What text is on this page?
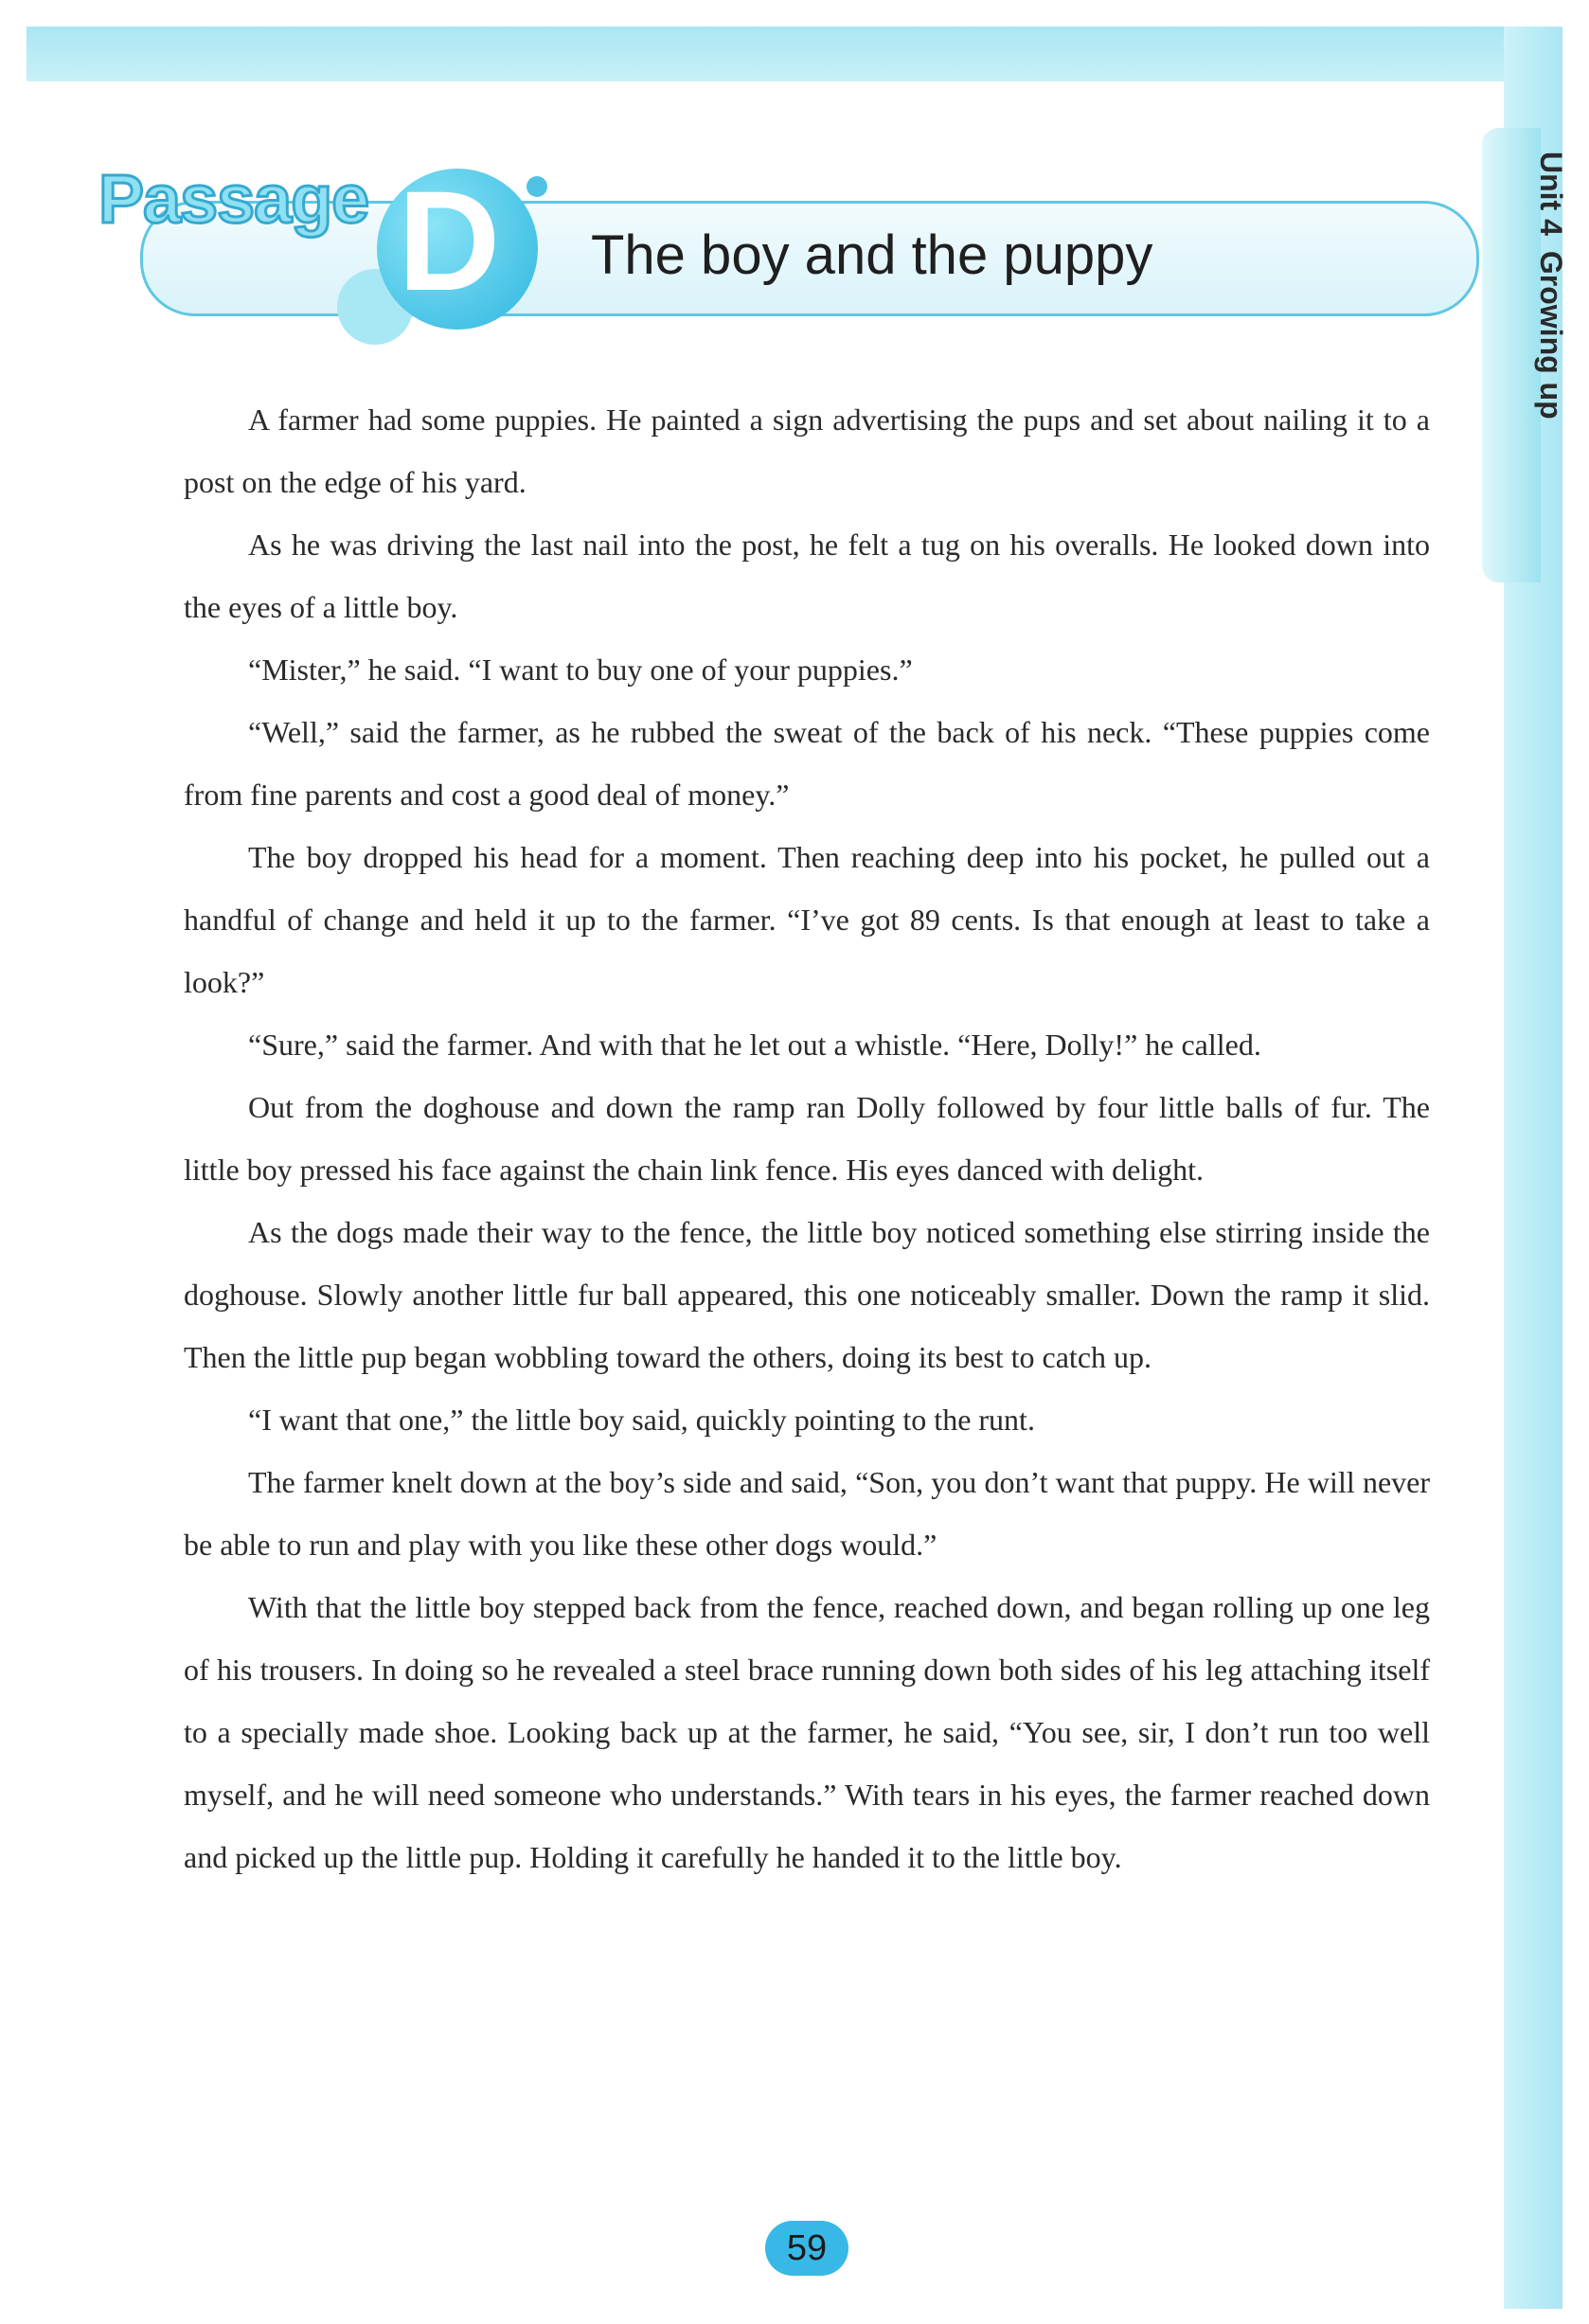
Unit 4Growing up
Passage D The boy and the puppy

A farmer had some puppies. He painted a sign advertising the pups and set about nailing it to a post on the edge of his yard.

As he was driving the last nail into the post, he felt a tug on his overalls. He looked down into the eyes of a little boy.

“Mister,” he said. “I want to buy one of your puppies.”

“Well,” said the farmer, as he rubbed the sweat of the back of his neck. “These puppies come from fine parents and cost a good deal of money.”

The boy dropped his head for a moment. Then reaching deep into his pocket, he pulled out a handful of change and held it up to the farmer. “I’ve got 89 cents. Is that enough at least to take a look?”

“Sure,” said the farmer. And with that he let out a whistle. “Here, Dolly!” he called.

Out from the doghouse and down the ramp ran Dolly followed by four little balls of fur. The little boy pressed his face against the chain link fence. His eyes danced with delight.

As the dogs made their way to the fence, the little boy noticed something else stirring inside the doghouse. Slowly another little fur ball appeared, this one noticeably smaller. Down the ramp it slid. Then the little pup began wobbling toward the others, doing its best to catch up.

“I want that one,” the little boy said, quickly pointing to the runt.

The farmer knelt down at the boy’s side and said, “Son, you don’t want that puppy. He will never be able to run and play with you like these other dogs would.”

With that the little boy stepped back from the fence, reached down, and began rolling up one leg of his trousers. In doing so he revealed a steel brace running down both sides of his leg attaching itself to a specially made shoe. Looking back up at the farmer, he said, “You see, sir, I don’t run too well myself, and he will need someone who understands.” With tears in his eyes, the farmer reached down and picked up the little pup. Holding it carefully he handed it to the little boy.

59
